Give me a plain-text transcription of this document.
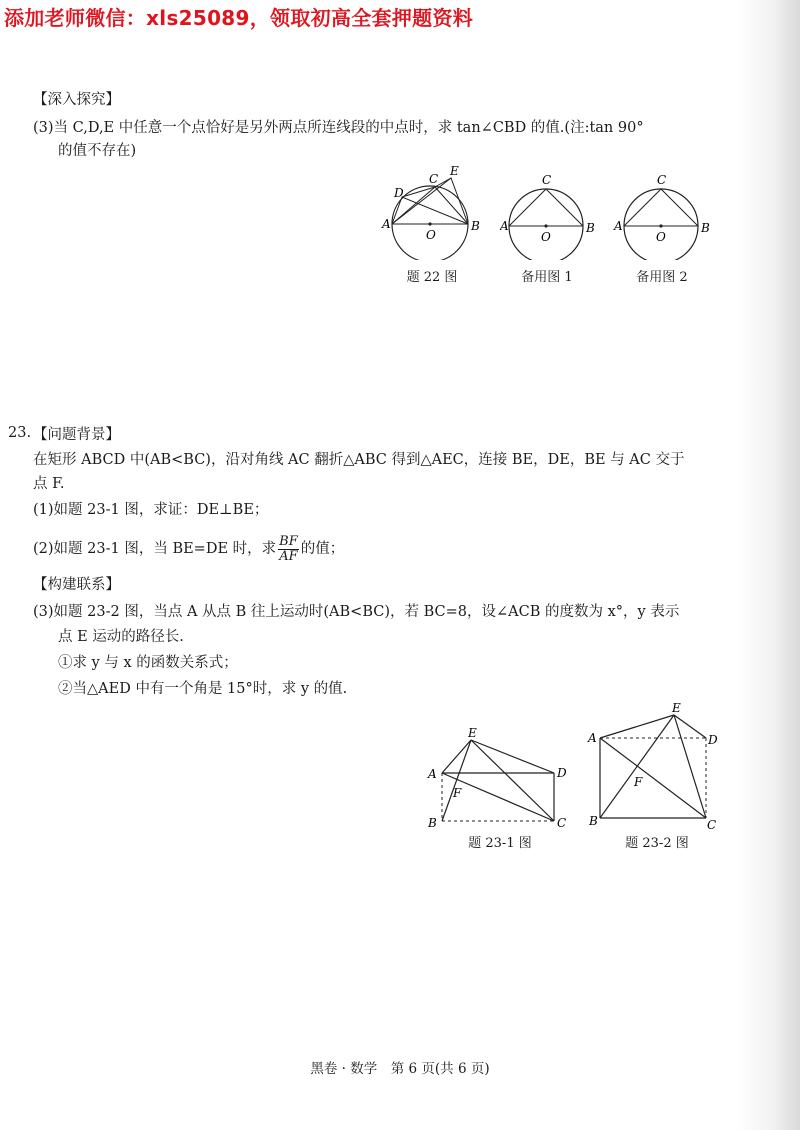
添加老师微信：xls25089，领取初高全套押题资料
【深入探究】
(3)当 C,D,E 中任意一个点恰好是另外两点所连线段的中点时，求 tan∠CBD 的值.(注:tan 90°
的值不存在)
A	B
O
C
D
E
题 22 图
A	B
O
C
备用图 1
A	B
O
C
备用图 2
23. 【问题背景】
在矩形 ABCD 中(AB<BC)，沿对角线 AC 翻折△ABC 得到△AEC，连接 BE，DE，BE 与 AC 交于
点 F.
(1)如题 23-1 图，求证：DE⊥BE；
(2)如题 23-1 图，当 BE=DE 时，求 $\frac{BF}{AF}$ 的值；
【构建联系】
(3)如题 23-2 图，当点 A 从点 B 往上运动时(AB<BC)，若 BC=8，设∠ACB 的度数为 x°，y 表示
点 E 运动的路径长.
①求 y 与 x 的函数关系式；
②当△AED 中有一个角是 15°时，求 y 的值.
E
A	D
F
B	C
题 23-1 图
E
A	D
F
B	C
题 23-2 图
黑卷 · 数学　第 6 页(共 6 页)
